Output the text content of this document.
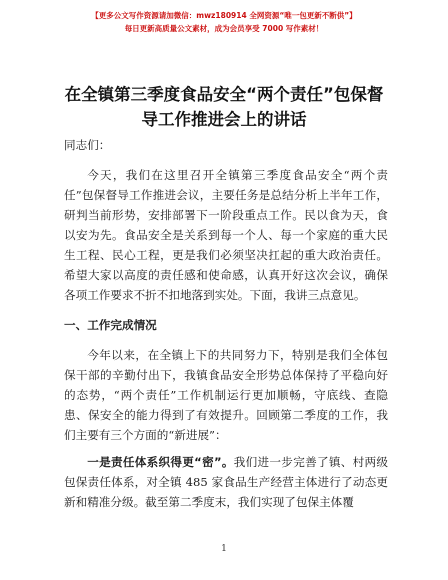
【更多公文写作资源请加微信：mwz180914 全网资源“唯一包更新不断供”】
每日更新高质量公文素材，成为会员享受 7000 写作素材！
在全镇第三季度食品安全“两个责任”包保督导工作推进会上的讲话

同志们：

今天，我们在这里召开全镇第三季度食品安全“两个责任”包保督导工作推进会议，主要任务是总结分析上半年工作，研判当前形势，安排部署下一阶段重点工作。民以食为天，食以安为先。食品安全是关系到每一个人、每一个家庭的重大民生工程、民心工程，更是我们必须坚决扛起的重大政治责任。希望大家以高度的责任感和使命感，认真开好这次会议，确保各项工作要求不折不扣地落到实处。下面，我讲三点意见。

一、工作完成情况

今年以来，在全镇上下的共同努力下，特别是我们全体包保干部的辛勤付出下，我镇食品安全形势总体保持了平稳向好的态势，“两个责任”工作机制运行更加顺畅，守底线、查隐患、保安全的能力得到了有效提升。回顾第二季度的工作，我们主要有三个方面的“新进展”：

一是责任体系织得更“密”。我们进一步完善了镇、村两级包保责任体系，对全镇 485 家食品生产经营主体进行了动态更新和精准分级。截至第二季度末，我们实现了包保主体覆

1
